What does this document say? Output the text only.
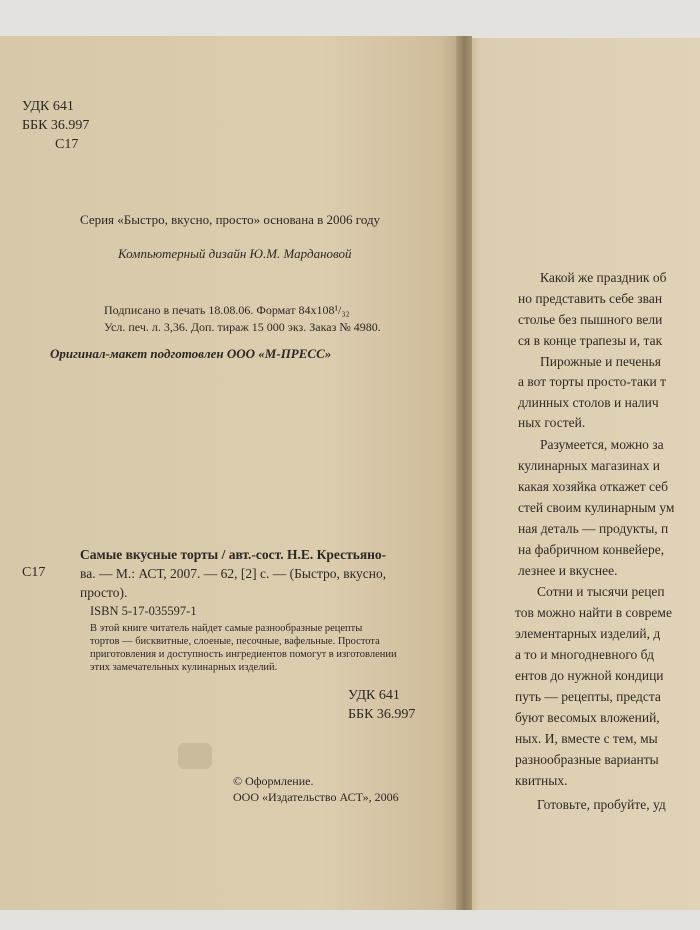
УДК 641
ББК 36.997
С17
Серия «Быстро, вкусно, просто» основана в 2006 году
Компьютерный дизайн Ю.М. Мардановой
Подписано в печать 18.08.06. Формат 84х108¹/₃₂
Усл. печ. л. 3,36. Доп. тираж 15 000 экз. Заказ № 4980.
Оригинал-макет подготовлен ООО «М-ПРЕСС»
С17
Самые вкусные торты / авт.-сост. Н.Е. Крестьяно-
ва. — М.: АСТ, 2007. — 62, [2] с. — (Быстро, вкусно,
просто).
ISBN 5-17-035597-1
В этой книге читатель найдет самые разнообразные рецепты
тортов — бисквитные, слоеные, песочные, вафельные. Простота
приготовления и доступность ингредиентов помогут в изготовлении
этих замечательных кулинарных изделий.
УДК 641
ББК 36.997
© Оформление.
ООО «Издательство АСТ», 2006
Какой же праздник об
но представить себе зван
столье без пышного вели
ся в конце трапезы и, так
Пирожные и печенья
а вот торты просто-таки т
длинных столов и налич
ных гостей.
Разумеется, можно за
кулинарных магазинах и
какая хозяйка откажет себ
стей своим кулинарным ум
ная деталь — продукты, п
на фабричном конвейере,
лезнее и вкуснее.
Сотни и тысячи рецеп
тов можно найти в совреме
элементарных изделий, д
а то и многодневного бд
ентов до нужной кондици
путь — рецепты, предста
буют весомых вложений,
ных. И, вместе с тем, мы
разнообразные варианты
квитных.
Готовьте, пробуйте, уд
